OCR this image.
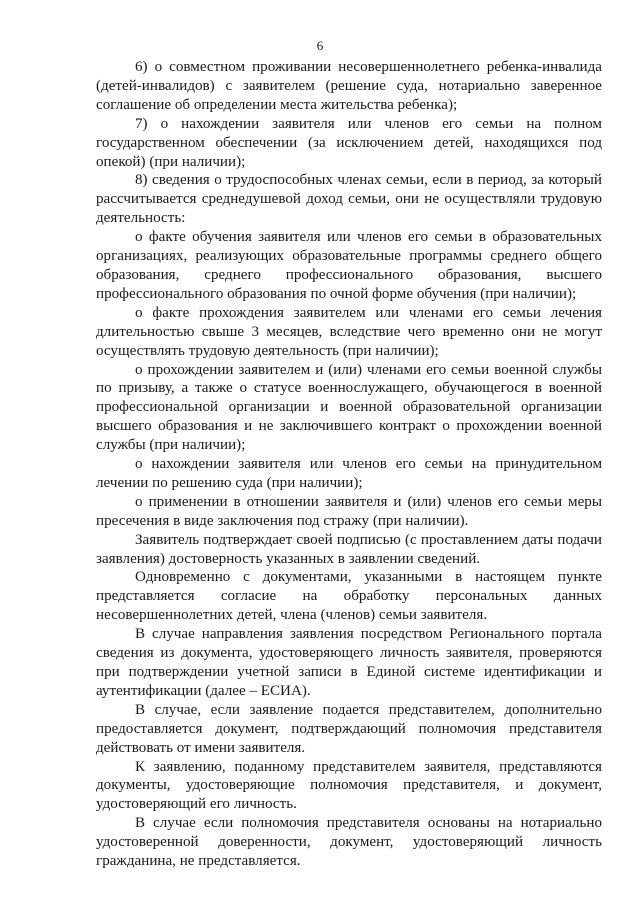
6

6) о совместном проживании несовершеннолетнего ребенка-инвалида (детей-инвалидов) с заявителем (решение суда, нотариально заверенное соглашение об определении места жительства ребенка);

7) о нахождении заявителя или членов его семьи на полном государственном обеспечении (за исключением детей, находящихся под опекой) (при наличии);

8) сведения о трудоспособных членах семьи, если в период, за который рассчитывается среднедушевой доход семьи, они не осуществляли трудовую деятельность:

о факте обучения заявителя или членов его семьи в образовательных организациях, реализующих образовательные программы среднего общего образования, среднего профессионального образования, высшего профессионального образования по очной форме обучения (при наличии);

о факте прохождения заявителем или членами его семьи лечения длительностью свыше 3 месяцев, вследствие чего временно они не могут осуществлять трудовую деятельность (при наличии);

о прохождении заявителем и (или) членами его семьи военной службы по призыву, а также о статусе военнослужащего, обучающегося в военной профессиональной организации и военной образовательной организации высшего образования и не заключившего контракт о прохождении военной службы (при наличии);

о нахождении заявителя или членов его семьи на принудительном лечении по решению суда (при наличии);

о применении в отношении заявителя и (или) членов его семьи меры пресечения в виде заключения под стражу (при наличии).

Заявитель подтверждает своей подписью (с проставлением даты подачи заявления) достоверность указанных в заявлении сведений.

Одновременно с документами, указанными в настоящем пункте представляется согласие на обработку персональных данных несовершеннолетних детей, члена (членов) семьи заявителя.

В случае направления заявления посредством Регионального портала сведения из документа, удостоверяющего личность заявителя, проверяются при подтверждении учетной записи в Единой системе идентификации и аутентификации (далее – ЕСИА).

В случае, если заявление подается представителем, дополнительно предоставляется документ, подтверждающий полномочия представителя действовать от имени заявителя.

К заявлению, поданному представителем заявителя, представляются документы, удостоверяющие полномочия представителя, и документ, удостоверяющий его личность.

В случае если полномочия представителя основаны на нотариально удостоверенной доверенности, документ, удостоверяющий личность гражданина, не представляется.
